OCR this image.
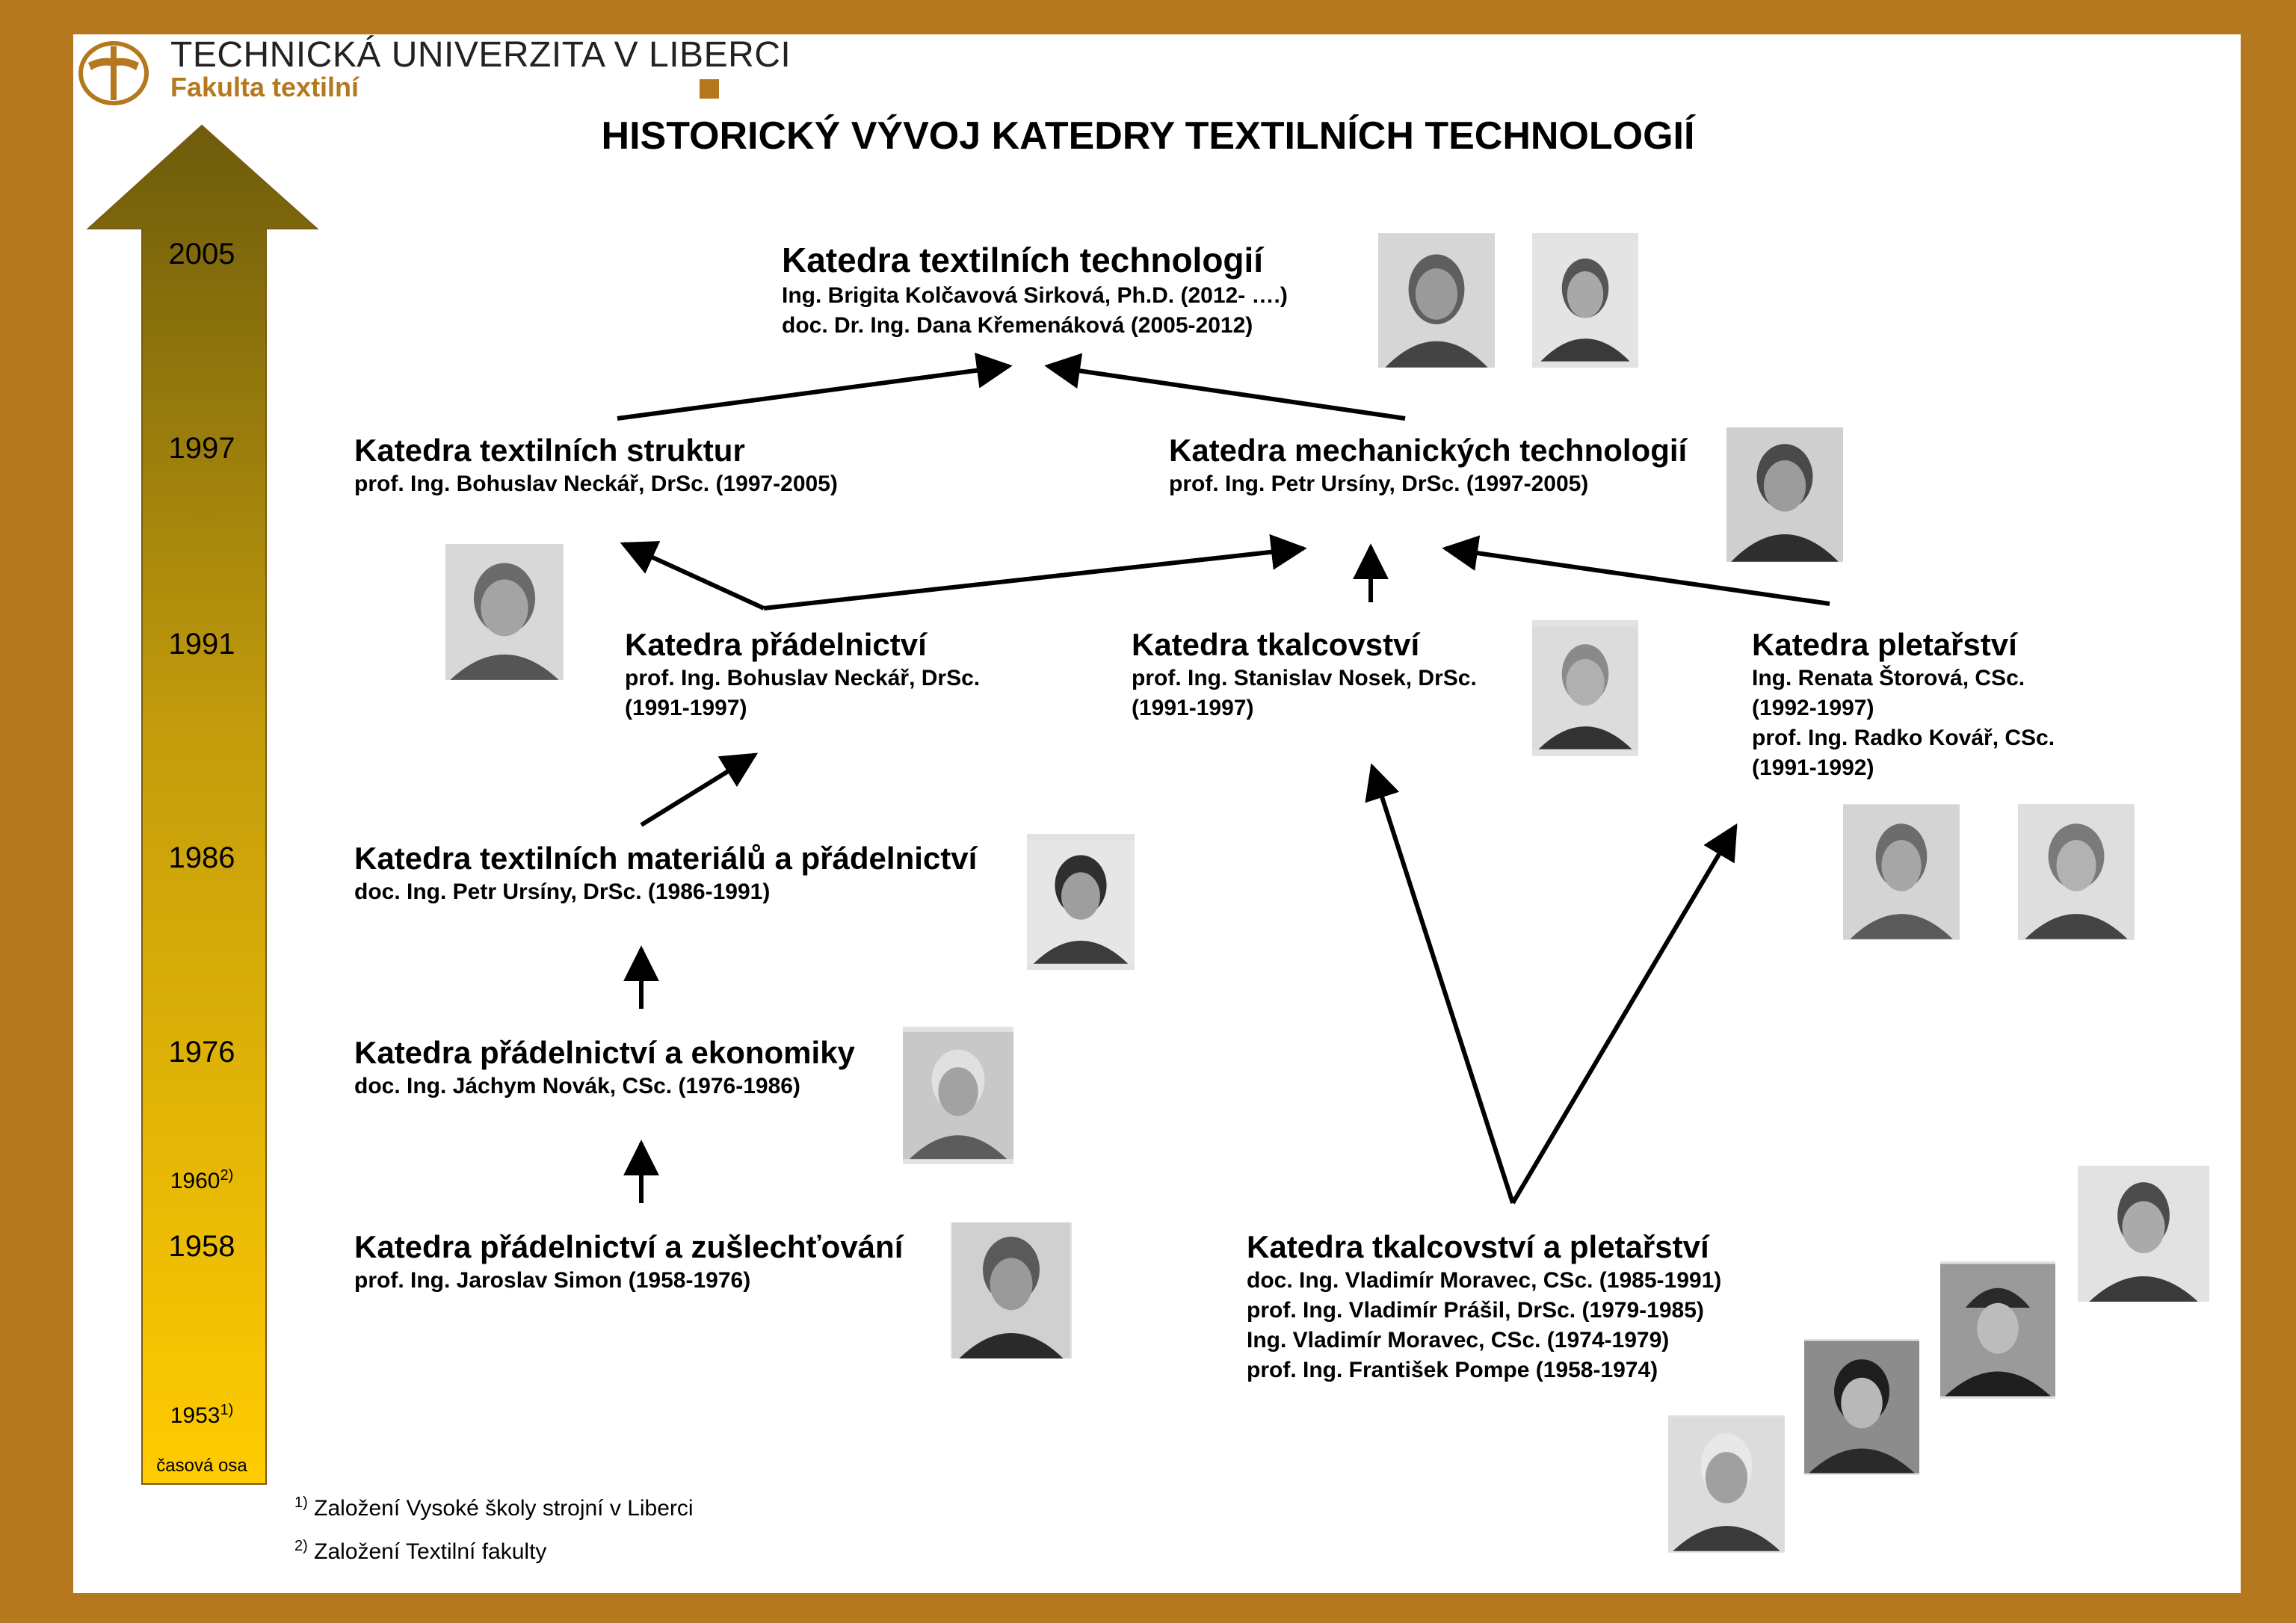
TECHNICKÁ UNIVERZITA V LIBERCI
Fakulta textilní
HISTORICKÝ VÝVOJ KATEDRY TEXTILNÍCH TECHNOLOGIÍ
2005
1997
1991
1986
1976
1960$^{2)}$
1958
1953$^{1)}$
časová osa
Katedra textilních technologií
Ing. Brigita Kolčavová Sirková, Ph.D. (2012- ….)
doc. Dr. Ing. Dana Křemenáková (2005-2012)
Katedra textilních struktur
prof. Ing. Bohuslav Neckář, DrSc. (1997-2005)
Katedra mechanických technologií
prof. Ing. Petr Ursíny, DrSc. (1997-2005)
Katedra přádelnictví
prof. Ing. Bohuslav Neckář, DrSc.
(1991-1997)
Katedra tkalcovství
prof. Ing. Stanislav Nosek, DrSc.
(1991-1997)
Katedra pletařství
Ing. Renata Štorová, CSc.
(1992-1997)
prof. Ing. Radko Kovář, CSc.
(1991-1992)
Katedra textilních materiálů a přádelnictví
doc. Ing. Petr Ursíny, DrSc. (1986-1991)
Katedra přádelnictví a ekonomiky
doc. Ing. Jáchym Novák, CSc. (1976-1986)
Katedra přádelnictví a zušlechťování
prof. Ing. Jaroslav Simon (1958-1976)
Katedra tkalcovství a pletařství
doc. Ing. Vladimír Moravec, CSc. (1985-1991)
prof. Ing. Vladimír Prášil, DrSc. (1979-1985)
Ing. Vladimír Moravec, CSc. (1974-1979)
prof. Ing. František Pompe (1958-1974)
$^{1)}$ Založení Vysoké školy strojní v Liberci
$^{2)}$ Založení Textilní fakulty
